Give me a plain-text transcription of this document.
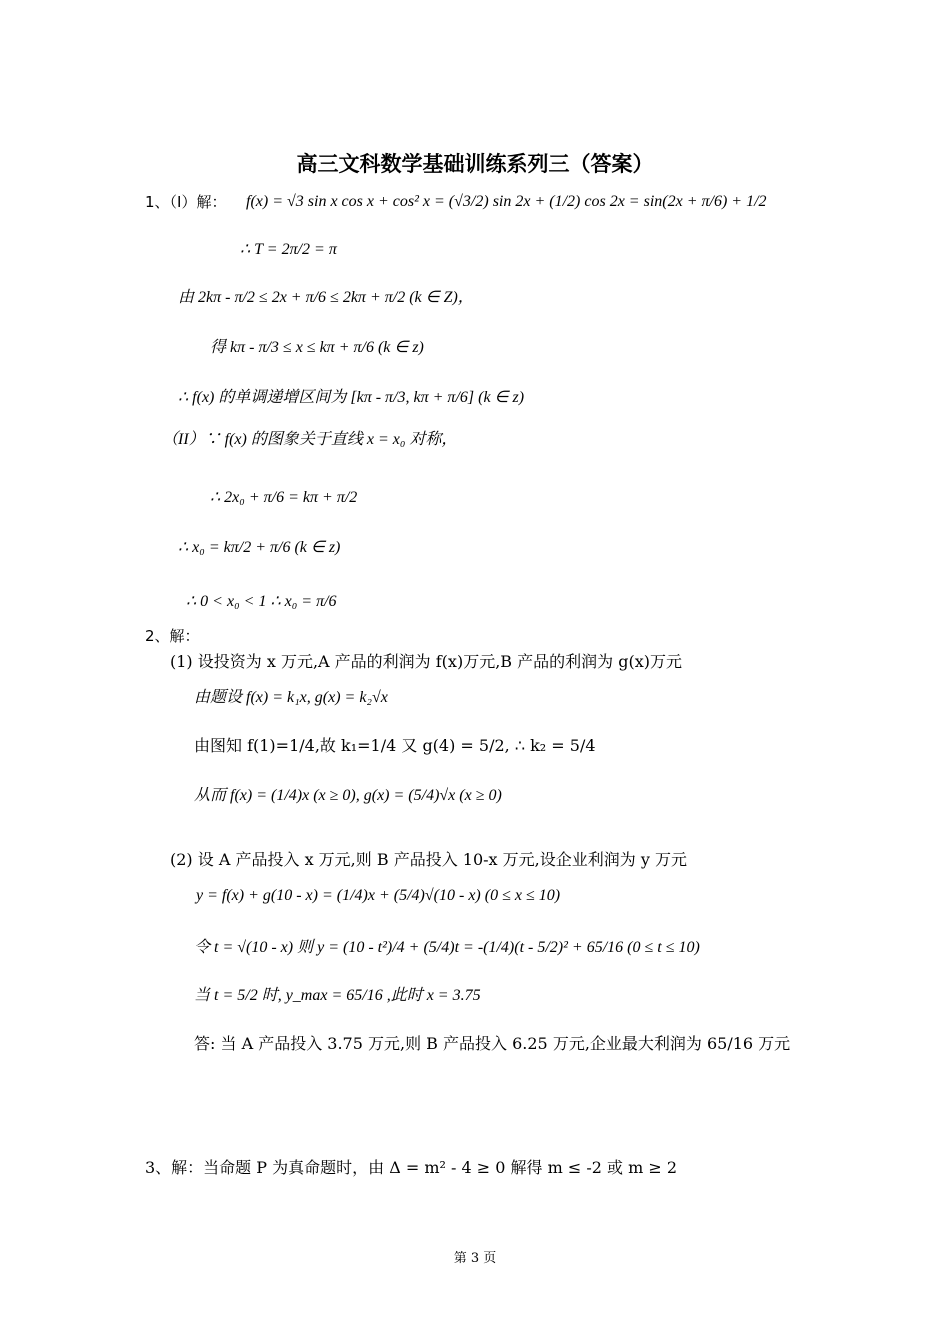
高三文科数学基础训练系列三（答案）
1、（I）解： f(x) = √3 sin x cos x + cos² x = (√3/2) sin 2x + (1/2) cos 2x = sin(2x + π/6) + 1/2
∴ T = 2π/2 = π
由 2kπ - π/2 ≤ 2x + π/6 ≤ 2kπ + π/2 (k ∈ Z)，
得 kπ - π/3 ≤ x ≤ kπ + π/6 (k ∈ z)
∴ f(x) 的单调递增区间为 [kπ - π/3, kπ + π/6] (k ∈ z)
（II）∵ f(x) 的图象关于直线 x = x₀ 对称，
∴ 2x₀ + π/6 = kπ + π/2
∴ x₀ = kπ/2 + π/6 (k ∈ z)
∴ 0 < x₀ < 1 ∴ x₀ = π/6
2、解：
(1) 设投资为 x 万元,A 产品的利润为 f(x)万元,B 产品的利润为 g(x)万元
由题设 f(x) = k₁x, g(x) = k₂√x
由图知 f(1)=1/4,故 k₁=1/4 又 g(4) = 5/2, ∴ k₂ = 5/4
从而 f(x) = (1/4)x (x ≥ 0), g(x) = (5/4)√x (x ≥ 0)
(2) 设 A 产品投入 x 万元,则 B 产品投入 10-x 万元,设企业利润为 y 万元
y = f(x) + g(10 - x) = (1/4)x + (5/4)√(10 - x) (0 ≤ x ≤ 10)
令 t = √(10 - x) 则 y = (10 - t²)/4 + (5/4)t = -(1/4)(t - 5/2)² + 65/16 (0 ≤ t ≤ 10)
当 t = 5/2 时, y_max = 65/16 ,此时 x = 3.75
答: 当 A 产品投入 3.75 万元,则 B 产品投入 6.25 万元,企业最大利润为 65/16 万元
3、解：当命题 P 为真命题时，由 Δ = m² - 4 ≥ 0 解得 m ≤ -2 或 m ≥ 2
第 3 页
